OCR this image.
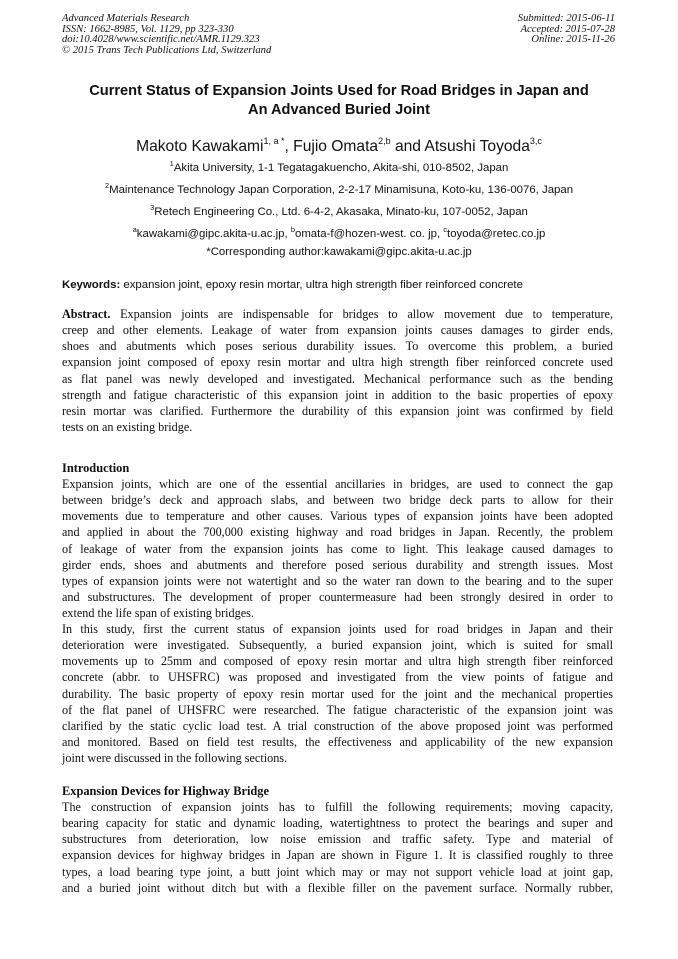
Advanced Materials Research
ISSN: 1662-8985, Vol. 1129, pp 323-330
doi:10.4028/www.scientific.net/AMR.1129.323
© 2015 Trans Tech Publications Ltd, Switzerland
Submitted: 2015-06-11
Accepted: 2015-07-28
Online: 2015-11-26
Current Status of Expansion Joints Used for Road Bridges in Japan and
An Advanced Buried Joint
Makoto Kawakami$^{1, a *}$, Fujio Omata$^{2,b}$ and Atsushi Toyoda$^{3,c}$
$^1$Akita University, 1-1 Tegatagakuencho, Akita-shi, 010-8502, Japan
$^2$Maintenance Technology Japan Corporation, 2-2-17 Minamisuna, Koto-ku, 136-0076, Japan
$^3$Retech Engineering Co., Ltd. 6-4-2, Akasaka, Minato-ku, 107-0052, Japan
$^a$kawakami@gipc.akita-u.ac.jp, $^b$omata-f@hozen-west. co. jp, $^c$toyoda@retec.co.jp
*Corresponding author:kawakami@gipc.akita-u.ac.jp
Keywords: expansion joint, epoxy resin mortar, ultra high strength fiber reinforced concrete
Abstract. Expansion joints are indispensable for bridges to allow movement due to temperature,
creep and other elements. Leakage of water from expansion joints causes damages to girder ends,
shoes and abutments which poses serious durability issues. To overcome this problem, a buried
expansion joint composed of epoxy resin mortar and ultra high strength fiber reinforced concrete used
as flat panel was newly developed and investigated. Mechanical performance such as the bending
strength and fatigue characteristic of this expansion joint in addition to the basic properties of epoxy
resin mortar was clarified. Furthermore the durability of this expansion joint was confirmed by field
tests on an existing bridge.
Introduction
Expansion joints, which are one of the essential ancillaries in bridges, are used to connect the gap
between bridge’s deck and approach slabs, and between two bridge deck parts to allow for their
movements due to temperature and other causes. Various types of expansion joints have been adopted
and applied in about the 700,000 existing highway and road bridges in Japan. Recently, the problem
of leakage of water from the expansion joints has come to light. This leakage caused damages to
girder ends, shoes and abutments and therefore posed serious durability and strength issues. Most
types of expansion joints were not watertight and so the water ran down to the bearing and to the super
and substructures. The development of proper countermeasure had been strongly desired in order to
extend the life span of existing bridges.
In this study, first the current status of expansion joints used for road bridges in Japan and their
deterioration were investigated. Subsequently, a buried expansion joint, which is suited for small
movements up to 25mm and composed of epoxy resin mortar and ultra high strength fiber reinforced
concrete (abbr. to UHSFRC) was proposed and investigated from the view points of fatigue and
durability. The basic property of epoxy resin mortar used for the joint and the mechanical properties
of the flat panel of UHSFRC were researched. The fatigue characteristic of the expansion joint was
clarified by the static cyclic load test. A trial construction of the above proposed joint was performed
and monitored. Based on field test results, the effectiveness and applicability of the new expansion
joint were discussed in the following sections.
Expansion Devices for Highway Bridge
The construction of expansion joints has to fulfill the following requirements; moving capacity,
bearing capacity for static and dynamic loading, watertightness to protect the bearings and super and
substructures from deterioration, low noise emission and traffic safety. Type and material of
expansion devices for highway bridges in Japan are shown in Figure 1. It is classified roughly to three
types, a load bearing type joint, a butt joint which may or may not support vehicle load at joint gap,
and a buried joint without ditch but with a flexible filler on the pavement surface. Normally rubber,
